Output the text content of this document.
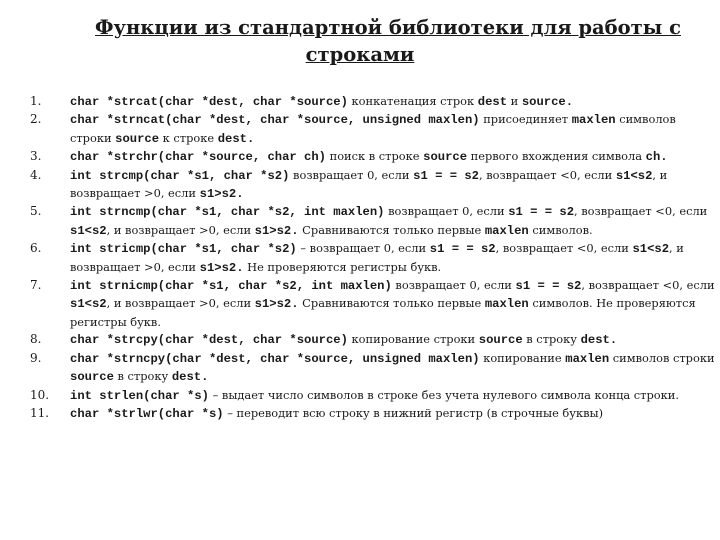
Функции из стандартной библиотеки для работы с
строками
1.	char *strcat(char *dest, char *source) конкатенация строк dest и source.
2.	char *strncat(char *dest, char *source, unsigned maxlen) присоединяет maxlen символов строки source к строке dest.
3.	char *strchr(char *source, char ch) поиск в строке source первого вхождения символа ch.
4.	int strcmp(char *s1, char *s2) возвращает 0, если s1 = = s2, возвращает <0, если s1<s2, и возвращает >0, если s1>s2.
5.	int strncmp(char *s1, char *s2, int maxlen) возвращает 0, если s1 = = s2, возвращает <0, если s1<s2, и возвращает >0, если s1>s2. Сравниваются только первые maxlen символов.
6.	int stricmp(char *s1, char *s2) – возвращает 0, если s1 = = s2, возвращает <0, если s1<s2, и возвращает >0, если s1>s2. Не проверяются регистры букв.
7.	int strnicmp(char *s1, char *s2, int maxlen) возвращает 0, если s1 = = s2, возвращает <0, если s1<s2, и возвращает >0, если s1>s2. Сравниваются только первые maxlen символов. Не проверяются регистры букв.
8.	char *strcpy(char *dest, char *source) копирование строки source в строку dest.
9.	char *strncpy(char *dest, char *source, unsigned maxlen) копирование maxlen символов строки source в строку dest.
10.	int strlen(char *s) – выдает число символов в строке без учета нулевого символа конца строки.
11.	char *strlwr(char *s) – переводит всю строку в нижний регистр (в строчные буквы)
